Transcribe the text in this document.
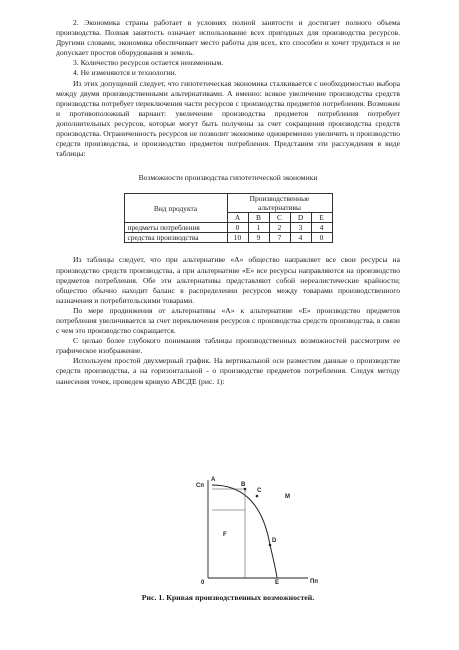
2. Экономика страны работает в условиях полной занятости и достигает полного объема производства. Полная занятость означает использование всех пригодных для производства ресурсов. Другими словами, экономика обеспечивает место работы для всех, кто способен и хочет трудиться и не допускает простоя оборудования и земель.

3. Количество ресурсов остается неизменным.

4. Не изменяются и технологии.

Из этих допущений следует, что гипотетическая экономика сталкивается с необходимостью выбора между двумя производственными альтернативами. А именно: всякое увеличение производства средств производства потребует переключения части ресурсов с производства предметов потребления. Возможен и противоположный вариант: увеличение производства предметов потребления потребует дополнительных ресурсов, которые могут быть получены за счет сокращения производства средств производства. Ограниченность ресурсов не позволит экономике одновременно увеличить и производство средств производства, и производство предметов потребления. Представим эти рассуждения в виде таблицы:

Возможности производства гипотетической экономики
Вид продукта	Производственные альтернативы				
	A	B	C	D	E
предметы потребления	0	1	2	3	4
средства производства	10	9	7	4	0

Из таблицы следует, что при альтернативе «А» общество направляет все свои ресурсы на производство средств производства, а при альтернативе «Е» все ресурсы направляются на производство предметов потребления. Обе эти альтернативы представляют собой нереалистические крайности; общество обычно находит баланс в распределении ресурсов между товарами производственного назначения и потребительскими товарами.

По мере продвижения от альтернативы «А» к альтернативе «Е» производство предметов потребления увеличивается за счет переключения ресурсов с производства средств производства, в связи с чем это производство сокращается.

С целью более глубокого понимания таблицы производственных возможностей рассмотрим ее графическое изображение.

Используем простой двухмерный график. На вертикальной оси разместим данные о производстве средств производства, а на горизонтальной - о производстве предметов потребления. Следуя методу нанесения точек, проведем кривую АВСДЕ (рис. 1):

Сп
Пп
0
А
В
С
D
Е
F
М
Рис. 1. Кривая производственных возможностей.
